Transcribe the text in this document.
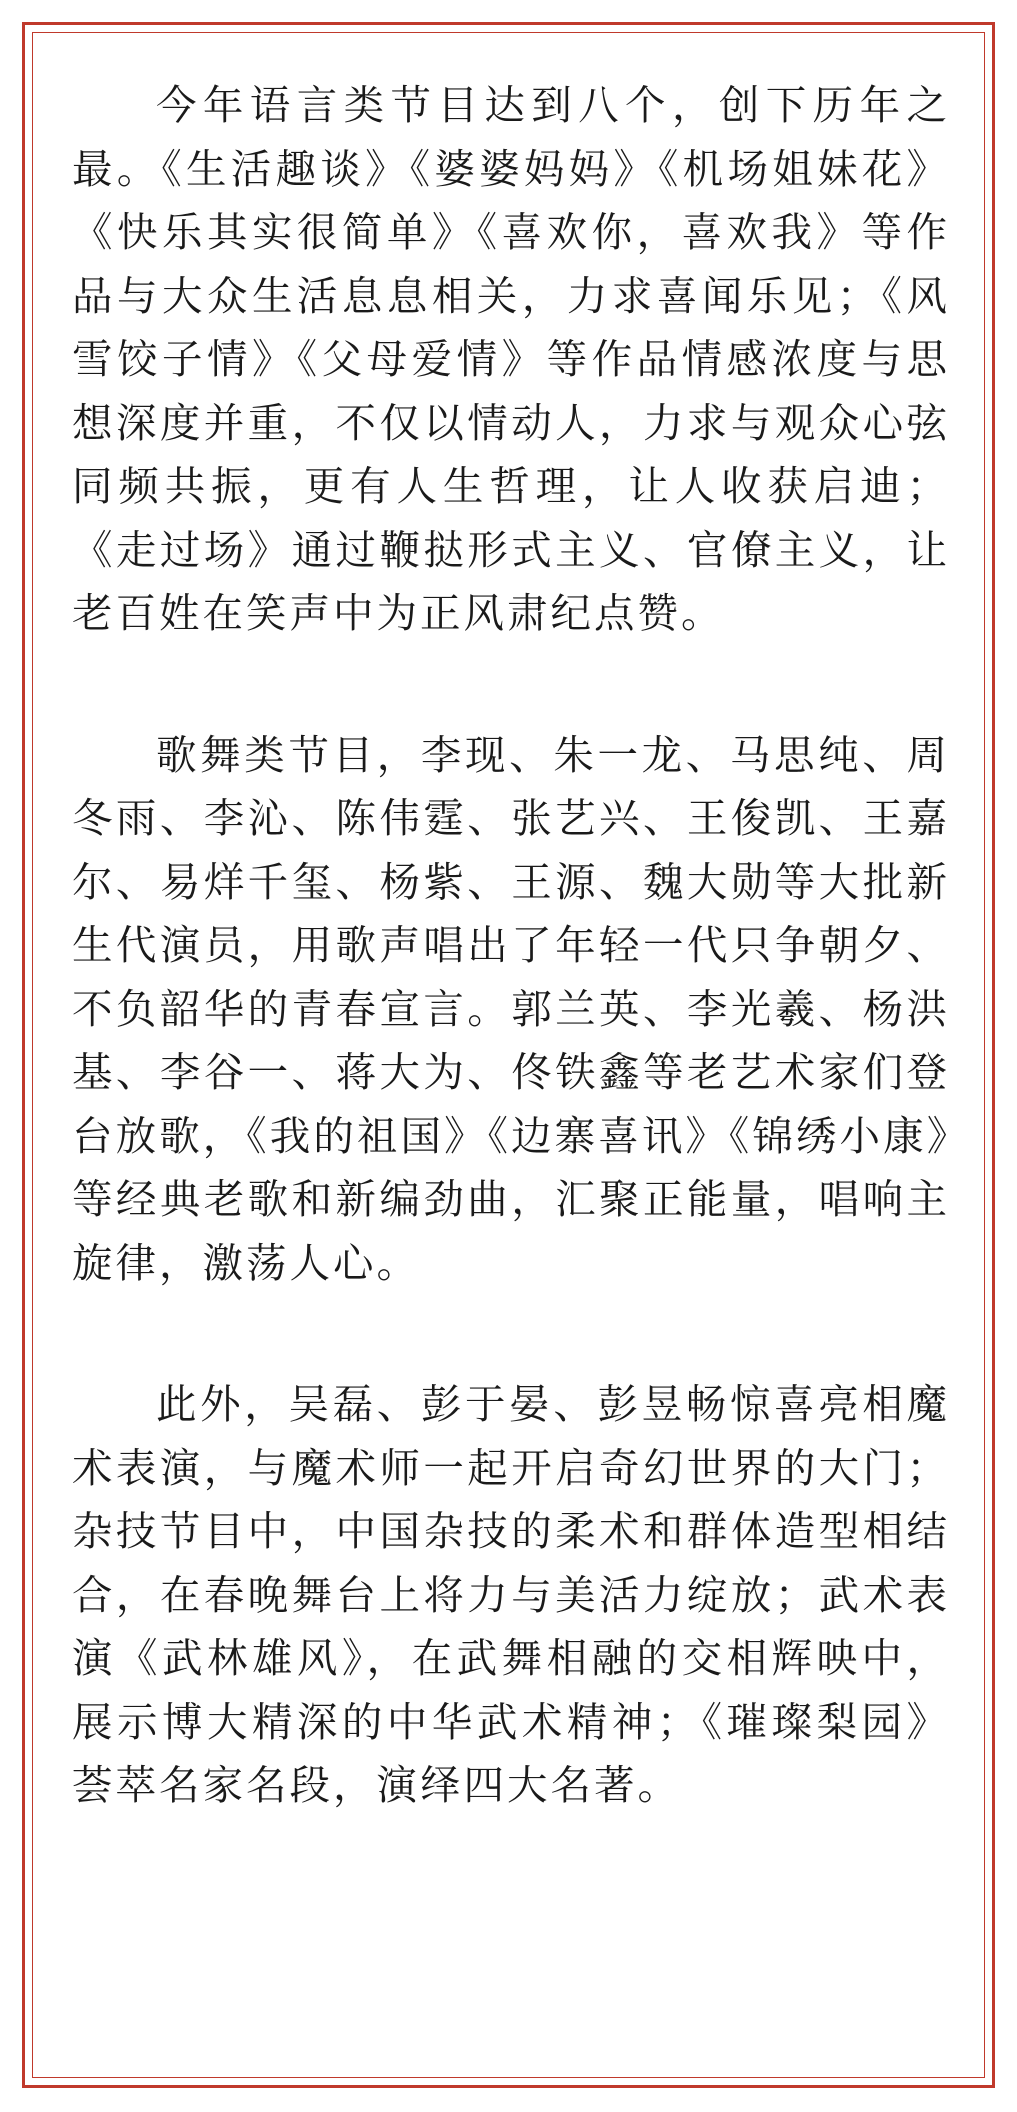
今年语言类节目达到八个，创下历年之最。《生活趣谈》《婆婆妈妈》《机场姐妹花》《快乐其实很简单》《喜欢你，喜欢我》等作品与大众生活息息相关，力求喜闻乐见；《风雪饺子情》《父母爱情》等作品情感浓度与思想深度并重，不仅以情动人，力求与观众心弦同频共振，更有人生哲理，让人收获启迪；《走过场》通过鞭挞形式主义、官僚主义，让老百姓在笑声中为正风肃纪点赞。

歌舞类节目，李现、朱一龙、马思纯、周冬雨、李沁、陈伟霆、张艺兴、王俊凯、王嘉尔、易烊千玺、杨紫、王源、魏大勋等大批新生代演员，用歌声唱出了年轻一代只争朝夕、不负韶华的青春宣言。郭兰英、李光羲、杨洪基、李谷一、蒋大为、佟铁鑫等老艺术家们登台放歌，《我的祖国》《边寨喜讯》《锦绣小康》等经典老歌和新编劲曲，汇聚正能量，唱响主旋律，激荡人心。

此外，吴磊、彭于晏、彭昱畅惊喜亮相魔术表演，与魔术师一起开启奇幻世界的大门；杂技节目中，中国杂技的柔术和群体造型相结合，在春晚舞台上将力与美活力绽放；武术表演《武林雄风》，在武舞相融的交相辉映中，展示博大精深的中华武术精神；《璀璨梨园》荟萃名家名段，演绎四大名著。
